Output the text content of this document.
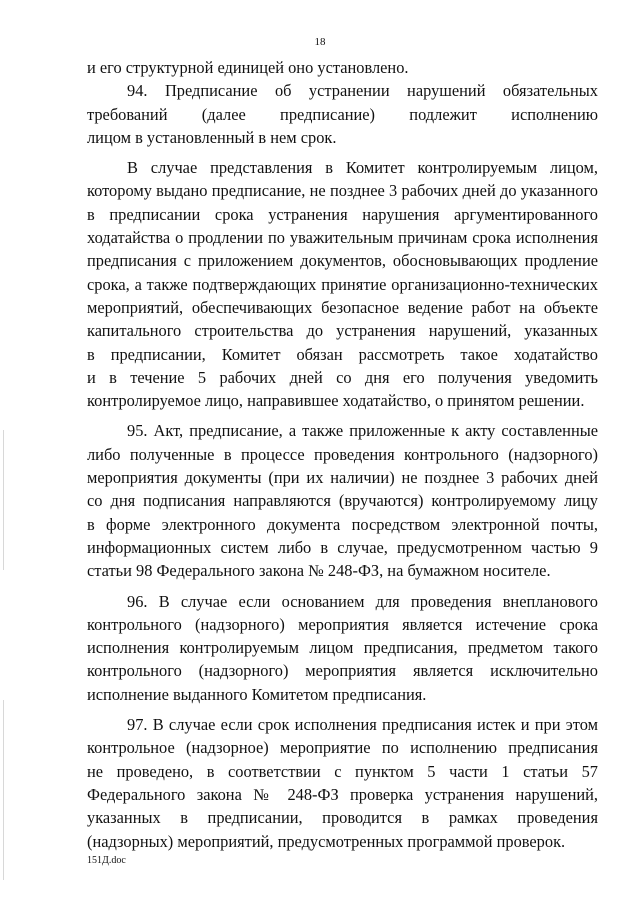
18
и его структурной единицей оно установлено.
94. Предписание об устранении нарушений обязательных
требований (далее предписание) подлежит исполнению
лицом в установленный в нем срок.
В случае представления в Комитет контролируемым лицом,
которому выдано предписание, не позднее 3 рабочих дней до указанного
в предписании срока устранения нарушения аргументированного
ходатайства о продлении по уважительным причинам срока исполнения
предписания с приложением документов, обосновывающих продление
срока, а также подтверждающих принятие организационно-технических
мероприятий, обеспечивающих безопасное ведение работ на объекте
капитального строительства до устранения нарушений, указанных
в предписании, Комитет обязан рассмотреть такое ходатайство
и в течение 5 рабочих дней со дня его получения уведомить
контролируемое лицо, направившее ходатайство, о принятом решении.
95. Акт, предписание, а также приложенные к акту составленные
либо полученные в процессе проведения контрольного (надзорного)
мероприятия документы (при их наличии) не позднее 3 рабочих дней
со дня подписания направляются (вручаются) контролируемому лицу
в форме электронного документа посредством электронной почты,
информационных систем либо в случае, предусмотренном частью 9
статьи 98 Федерального закона № 248-ФЗ, на бумажном носителе.
96. В случае если основанием для проведения внепланового
контрольного (надзорного) мероприятия является истечение срока
исполнения контролируемым лицом предписания, предметом такого
контрольного (надзорного) мероприятия является исключительно
исполнение выданного Комитетом предписания.
97. В случае если срок исполнения предписания истек и при этом
контрольное (надзорное) мероприятие по исполнению предписания
не проведено, в соответствии с пунктом 5 части 1 статьи 57
Федерального закона № 248-ФЗ проверка устранения нарушений,
указанных в предписании, проводится в рамках проведения
(надзорных) мероприятий, предусмотренных программой проверок.
151Д.doc
